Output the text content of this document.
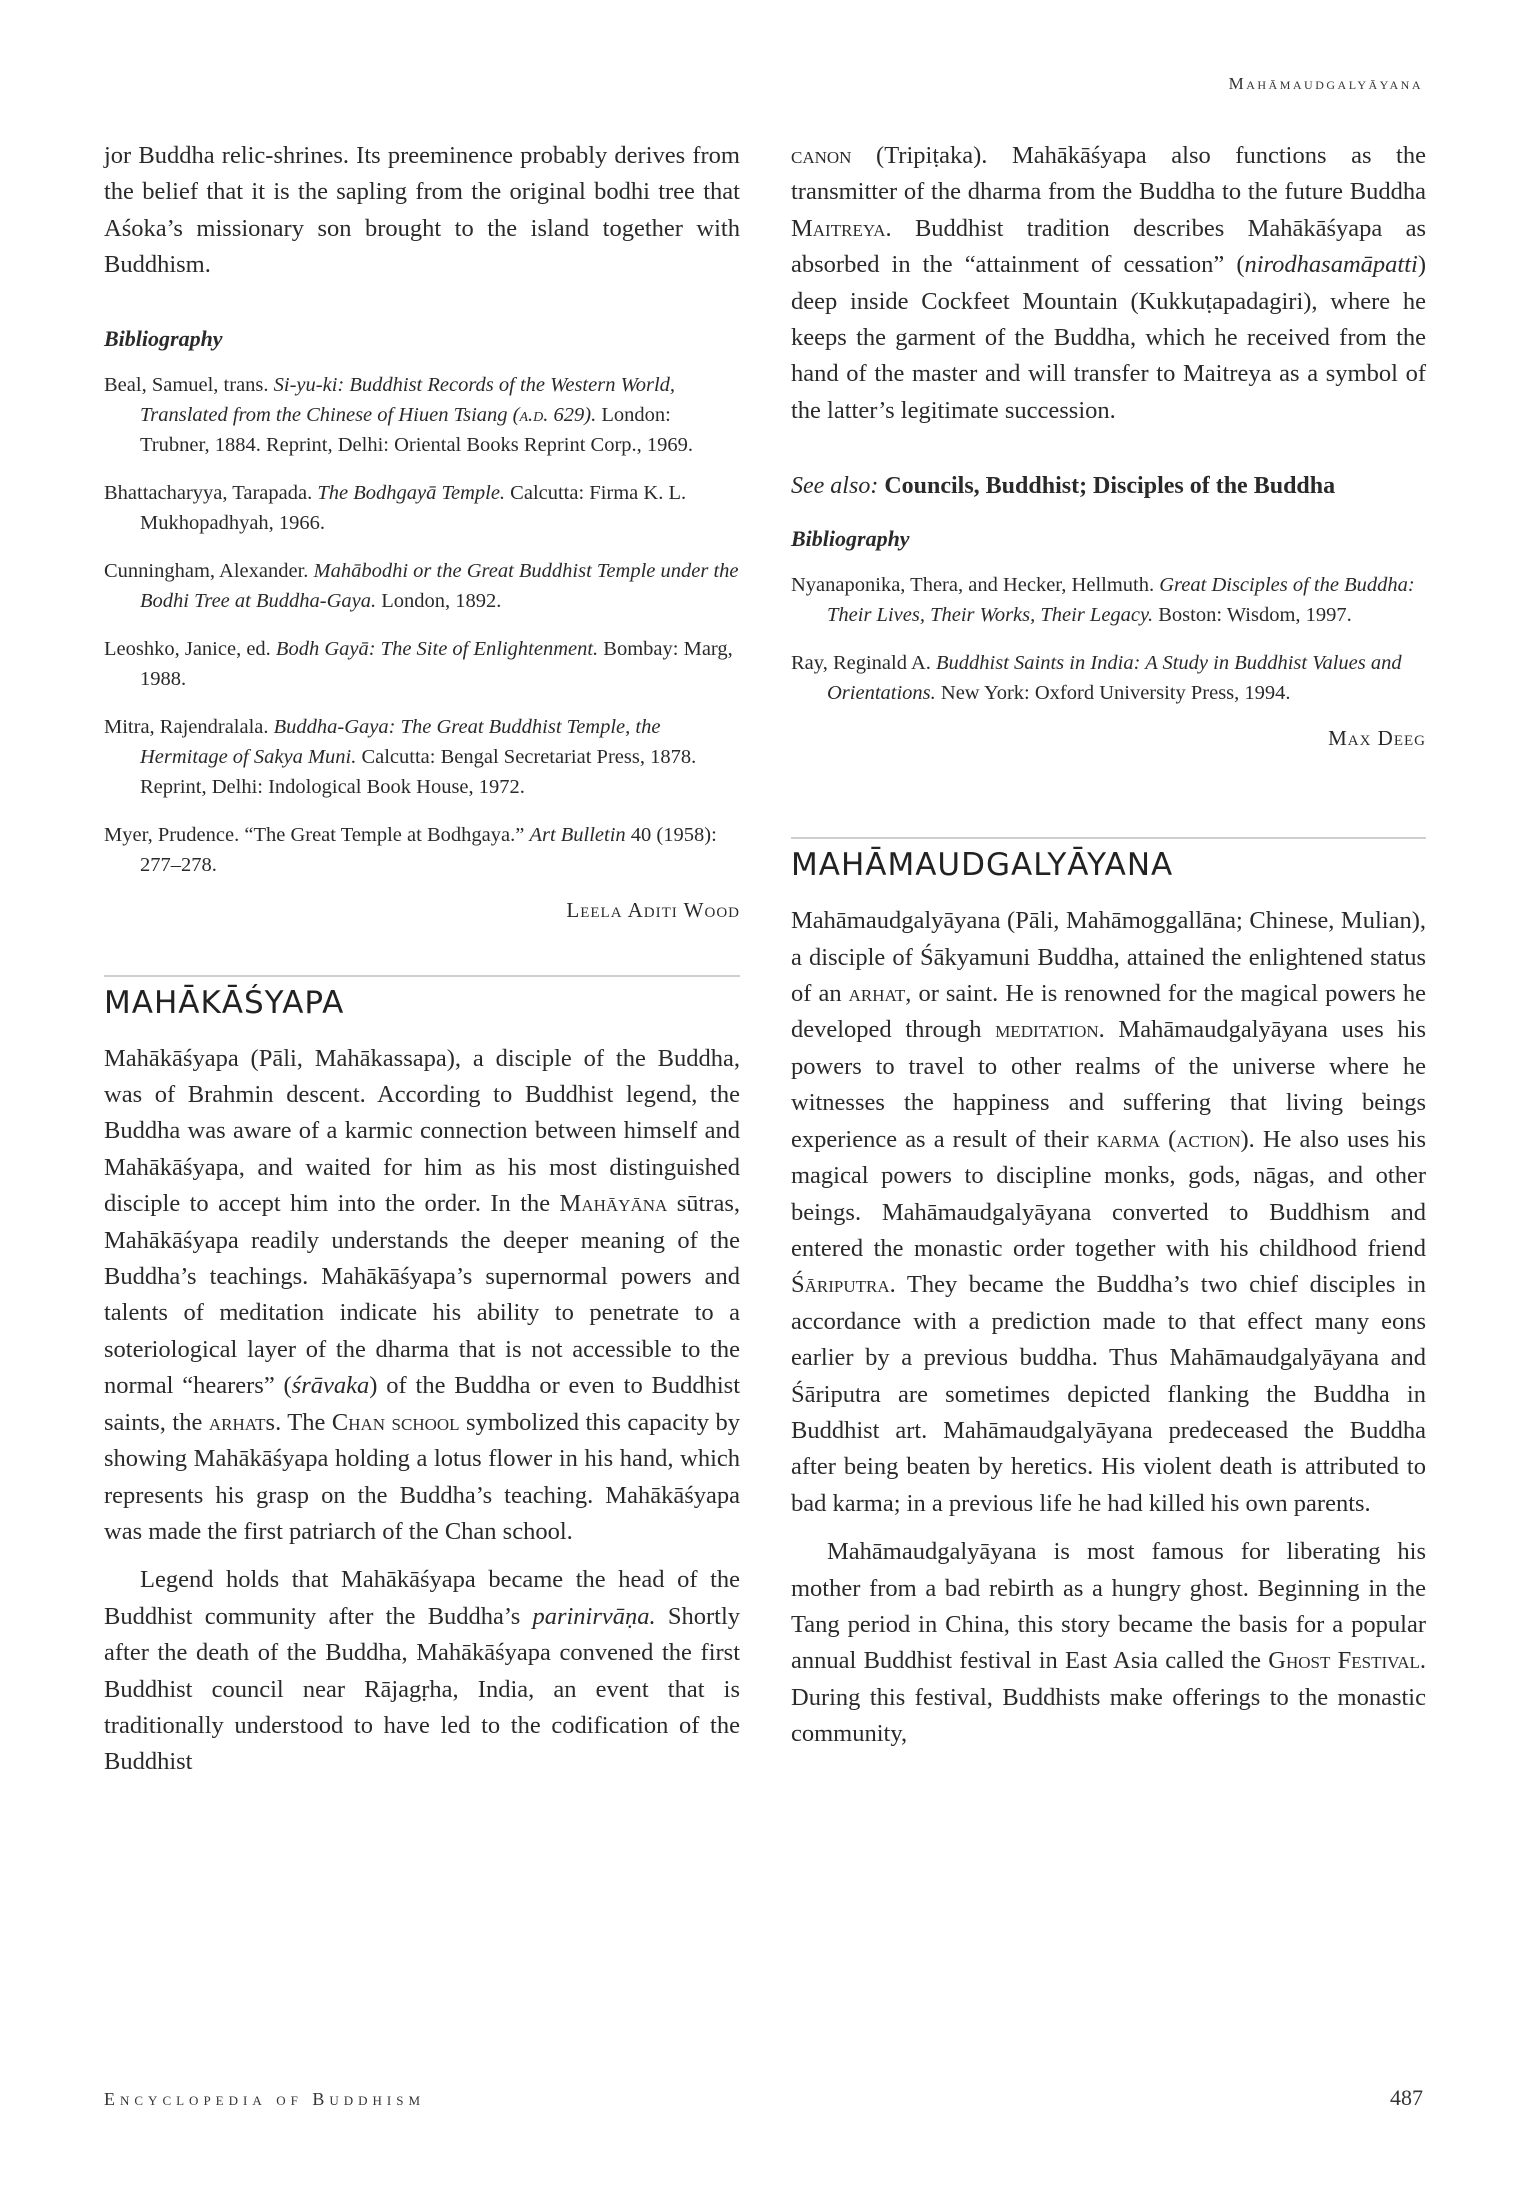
Mahāmaudgalyāyana

jor Buddha relic-shrines. Its preeminence probably derives from the belief that it is the sapling from the original bodhi tree that Aśoka’s missionary son brought to the island together with Buddhism.

Bibliography
Beal, Samuel, trans. Si-yu-ki: Buddhist Records of the Western World, Translated from the Chinese of Hiuen Tsiang (a.d. 629). London: Trubner, 1884. Reprint, Delhi: Oriental Books Reprint Corp., 1969.
Bhattacharyya, Tarapada. The Bodhgayā Temple. Calcutta: Firma K. L. Mukhopadhyah, 1966.
Cunningham, Alexander. Mahābodhi or the Great Buddhist Temple under the Bodhi Tree at Buddha-Gaya. London, 1892.
Leoshko, Janice, ed. Bodh Gayā: The Site of Enlightenment. Bombay: Marg, 1988.
Mitra, Rajendralala. Buddha-Gaya: The Great Buddhist Temple, the Hermitage of Sakya Muni. Calcutta: Bengal Secretariat Press, 1878. Reprint, Delhi: Indological Book House, 1972.
Myer, Prudence. “The Great Temple at Bodhgaya.” Art Bulletin 40 (1958): 277–278.
Leela Aditi Wood
MAHĀKĀŚYAPA

Mahākāśyapa (Pāli, Mahākassapa), a disciple of the Buddha, was of Brahmin descent. According to Buddhist legend, the Buddha was aware of a karmic connection between himself and Mahākāśyapa, and waited for him as his most distinguished disciple to accept him into the order. In the Mahāyāna sūtras, Mahākāśyapa readily understands the deeper meaning of the Buddha’s teachings. Mahākāśyapa’s supernormal powers and talents of meditation indicate his ability to penetrate to a soteriological layer of the dharma that is not accessible to the normal “hearers” (śrāvaka) of the Buddha or even to Buddhist saints, the arhats. The Chan school symbolized this capacity by showing Mahākāśyapa holding a lotus flower in his hand, which represents his grasp on the Buddha’s teaching. Mahākāśyapa was made the first patriarch of the Chan school.

Legend holds that Mahākāśyapa became the head of the Buddhist community after the Buddha’s parinirvāṇa. Shortly after the death of the Buddha, Mahākāśyapa convened the first Buddhist council near Rājagṛha, India, an event that is traditionally understood to have led to the codification of the Buddhist

canon (Tripiṭaka). Mahākāśyapa also functions as the transmitter of the dharma from the Buddha to the future Buddha Maitreya. Buddhist tradition describes Mahākāśyapa as absorbed in the “attainment of cessation” (nirodhasamāpatti) deep inside Cockfeet Mountain (Kukkuṭapadagiri), where he keeps the garment of the Buddha, which he received from the hand of the master and will transfer to Maitreya as a symbol of the latter’s legitimate succession.

See also: Councils, Buddhist; Disciples of the Buddha
Bibliography
Nyanaponika, Thera, and Hecker, Hellmuth. Great Disciples of the Buddha: Their Lives, Their Works, Their Legacy. Boston: Wisdom, 1997.
Ray, Reginald A. Buddhist Saints in India: A Study in Buddhist Values and Orientations. New York: Oxford University Press, 1994.
Max Deeg
MAHĀMAUDGALYĀYANA

Mahāmaudgalyāyana (Pāli, Mahāmoggallāna; Chinese, Mulian), a disciple of Śākyamuni Buddha, attained the enlightened status of an arhat, or saint. He is renowned for the magical powers he developed through meditation. Mahāmaudgalyāyana uses his powers to travel to other realms of the universe where he witnesses the happiness and suffering that living beings experience as a result of their karma (action). He also uses his magical powers to discipline monks, gods, nāgas, and other beings. Mahāmaudgalyāyana converted to Buddhism and entered the monastic order together with his childhood friend Śāriputra. They became the Buddha’s two chief disciples in accordance with a prediction made to that effect many eons earlier by a previous buddha. Thus Mahāmaudgalyāyana and Śāriputra are sometimes depicted flanking the Buddha in Buddhist art. Mahāmaudgalyāyana predeceased the Buddha after being beaten by heretics. His violent death is attributed to bad karma; in a previous life he had killed his own parents.

Mahāmaudgalyāyana is most famous for liberating his mother from a bad rebirth as a hungry ghost. Beginning in the Tang period in China, this story became the basis for a popular annual Buddhist festival in East Asia called the Ghost Festival. During this festival, Buddhists make offerings to the monastic community,

Encyclopedia of Buddhism	487
